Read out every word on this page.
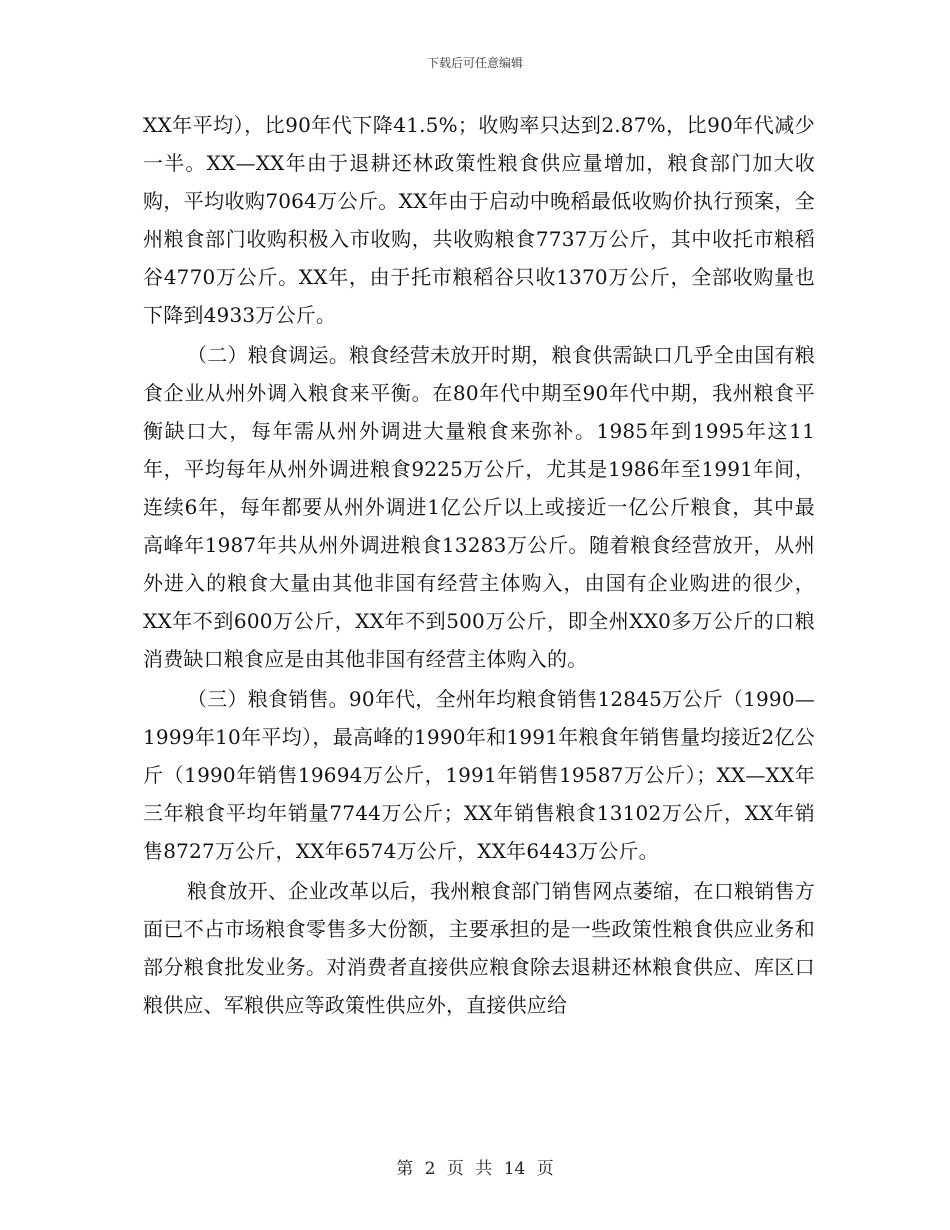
下载后可任意编辑

XX年平均），比90年代下降41.5%；收购率只达到2.87%，比90年代减少一半。XX—XX年由于退耕还林政策性粮食供应量增加，粮食部门加大收购，平均收购7064万公斤。XX年由于启动中晚稻最低收购价执行预案，全州粮食部门收购积极入市收购，共收购粮食7737万公斤，其中收托市粮稻谷4770万公斤。XX年，由于托市粮稻谷只收1370万公斤，全部收购量也下降到4933万公斤。

（二）粮食调运。粮食经营未放开时期，粮食供需缺口几乎全由国有粮食企业从州外调入粮食来平衡。在80年代中期至90年代中期，我州粮食平衡缺口大，每年需从州外调进大量粮食来弥补。1985年到1995年这11年，平均每年从州外调进粮食9225万公斤，尤其是1986年至1991年间，连续6年，每年都要从州外调进1亿公斤以上或接近一亿公斤粮食，其中最高峰年1987年共从州外调进粮食13283万公斤。随着粮食经营放开，从州外进入的粮食大量由其他非国有经营主体购入，由国有企业购进的很少，XX年不到600万公斤，XX年不到500万公斤，即全州XX0多万公斤的口粮消费缺口粮食应是由其他非国有经营主体购入的。

（三）粮食销售。90年代，全州年均粮食销售12845万公斤（1990—1999年10年平均），最高峰的1990年和1991年粮食年销售量均接近2亿公斤（1990年销售19694万公斤，1991年销售19587万公斤）；XX—XX年三年粮食平均年销量7744万公斤；XX年销售粮食13102万公斤，XX年销售8727万公斤，XX年6574万公斤，XX年6443万公斤。

粮食放开、企业改革以后，我州粮食部门销售网点萎缩，在口粮销售方面已不占市场粮食零售多大份额，主要承担的是一些政策性粮食供应业务和部分粮食批发业务。对消费者直接供应粮食除去退耕还林粮食供应、库区口粮供应、军粮供应等政策性供应外，直接供应给

第 2 页 共 14 页
